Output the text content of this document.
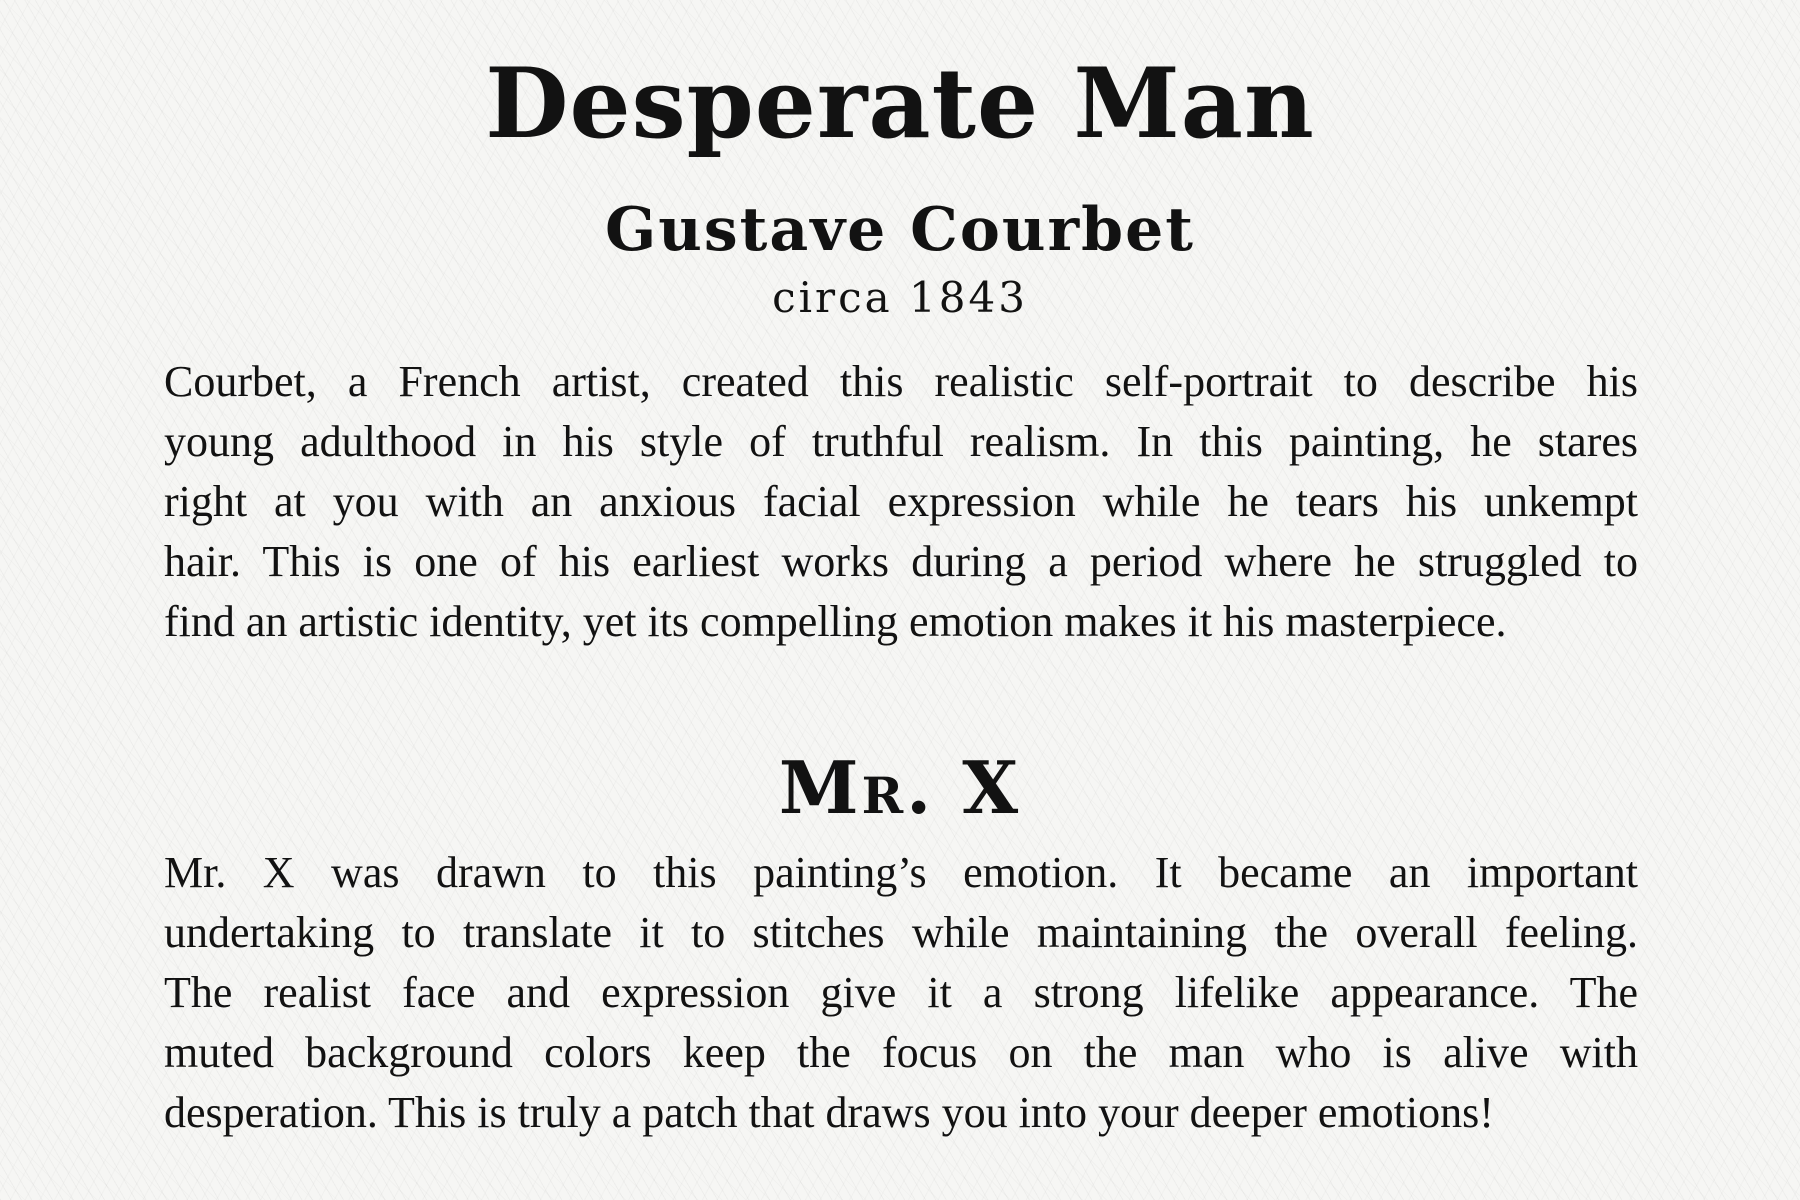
Desperate Man
Gustave Courbet
circa 1843

Courbet, a French artist, created this realistic self-portrait to describe his
young adulthood in his style of truthful realism. In this painting, he stares
right at you with an anxious facial expression while he tears his unkempt
hair. This is one of his earliest works during a period where he struggled to
find an artistic identity, yet its compelling emotion makes it his masterpiece.

Mr. X

Mr. X was drawn to this painting’s emotion. It became an important
undertaking to translate it to stitches while maintaining the overall feeling.
The realist face and expression give it a strong lifelike appearance. The
muted background colors keep the focus on the man who is alive with
desperation. This is truly a patch that draws you into your deeper emotions!
